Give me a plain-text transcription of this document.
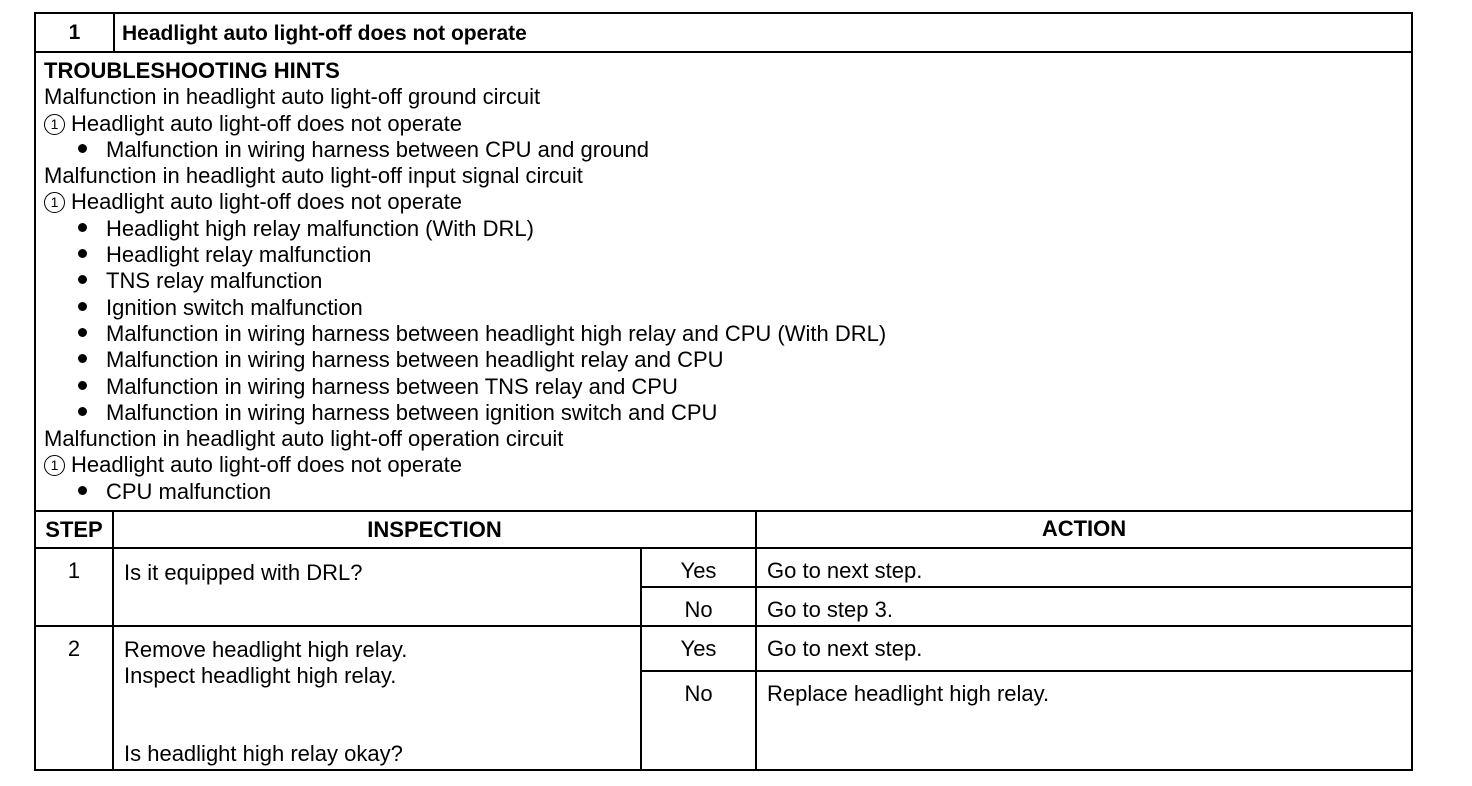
1	Headlight auto light-off does not operate
TROUBLESHOOTING HINTS
Malfunction in headlight auto light-off ground circuit
1 Headlight auto light-off does not operate
Malfunction in wiring harness between CPU and ground
Malfunction in headlight auto light-off input signal circuit
1 Headlight auto light-off does not operate
Headlight high relay malfunction (With DRL)
Headlight relay malfunction
TNS relay malfunction
Ignition switch malfunction
Malfunction in wiring harness between headlight high relay and CPU (With DRL)
Malfunction in wiring harness between headlight relay and CPU
Malfunction in wiring harness between TNS relay and CPU
Malfunction in wiring harness between ignition switch and CPU
Malfunction in headlight auto light-off operation circuit
1 Headlight auto light-off does not operate
CPU malfunction
STEP	INSPECTION	ACTION
1	Is it equipped with DRL?	Yes	Go to next step.
No	Go to step 3.
2	Remove headlight high relay.
Inspect headlight high relay.
Is headlight high relay okay?
Yes	Go to next step.
No	Replace headlight high relay.
